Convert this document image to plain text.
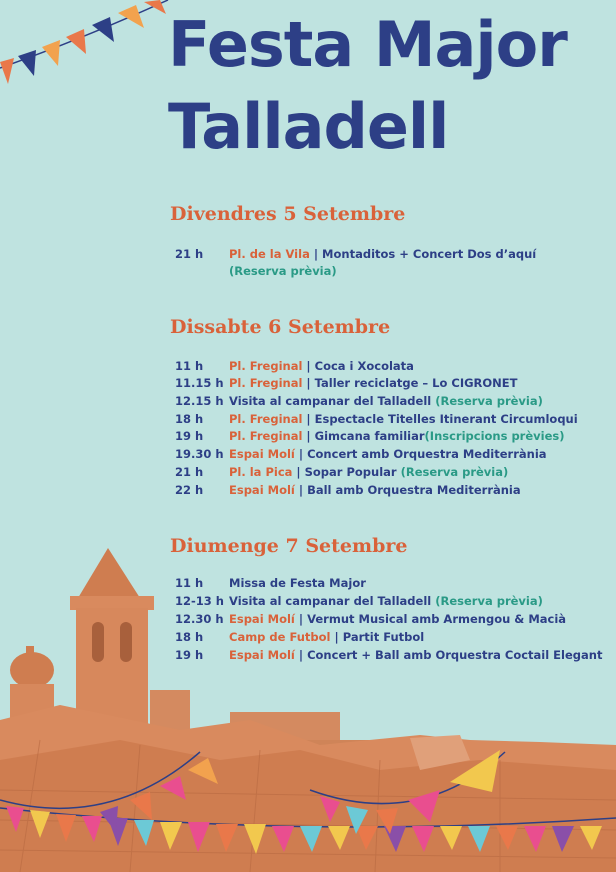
Festa Major
Talladell
Divendres 5 Setembre
21 h Pl. de la Vila | Montaditos + Concert Dos d’aquí
(Reserva prèvia)
Dissabte 6 Setembre
11 h Pl. Freginal | Coca i Xocolata
11.15 h Pl. Freginal | Taller reciclatge – Lo CIGRONET
12.15 h Visita al campanar del Talladell (Reserva prèvia)
18 h Pl. Freginal | Espectacle Titelles Itinerant Circumloqui
19 h Pl. Freginal | Gimcana familiar(Inscripcions prèvies)
19.30 h Espai Molí | Concert amb Orquestra Mediterrània
21 h Pl. la Pica | Sopar Popular (Reserva prèvia)
22 h Espai Molí | Ball amb Orquestra Mediterrània
Diumenge 7 Setembre
11 h Missa de Festa Major
12-13 h Visita al campanar del Talladell (Reserva prèvia)
12.30 h Espai Molí | Vermut Musical amb Armengou & Macià
18 h Camp de Futbol | Partit Futbol
19 h Espai Molí | Concert + Ball amb Orquestra Coctail Elegant
